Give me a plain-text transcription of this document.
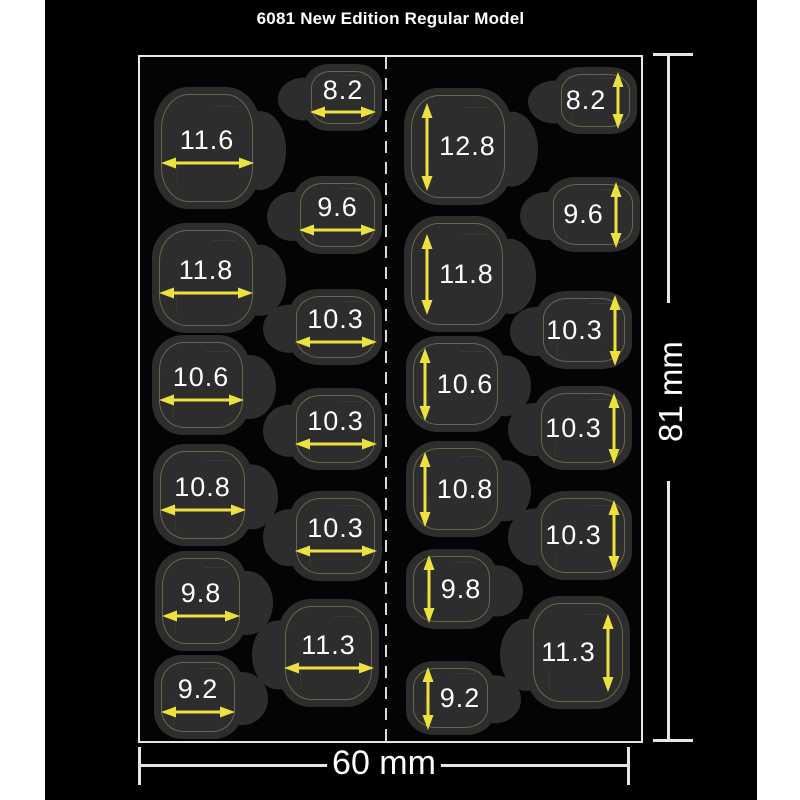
6081 New Edition Regular Model
11.6
11.8
10.6
10.8
9.8
9.2
8.2
9.6
10.3
10.3
10.3
11.3
12.8
11.8
10.6
10.8
9.8
9.2
8.2
9.6
10.3
10.3
10.3
11.3
81 mm
60 mm
